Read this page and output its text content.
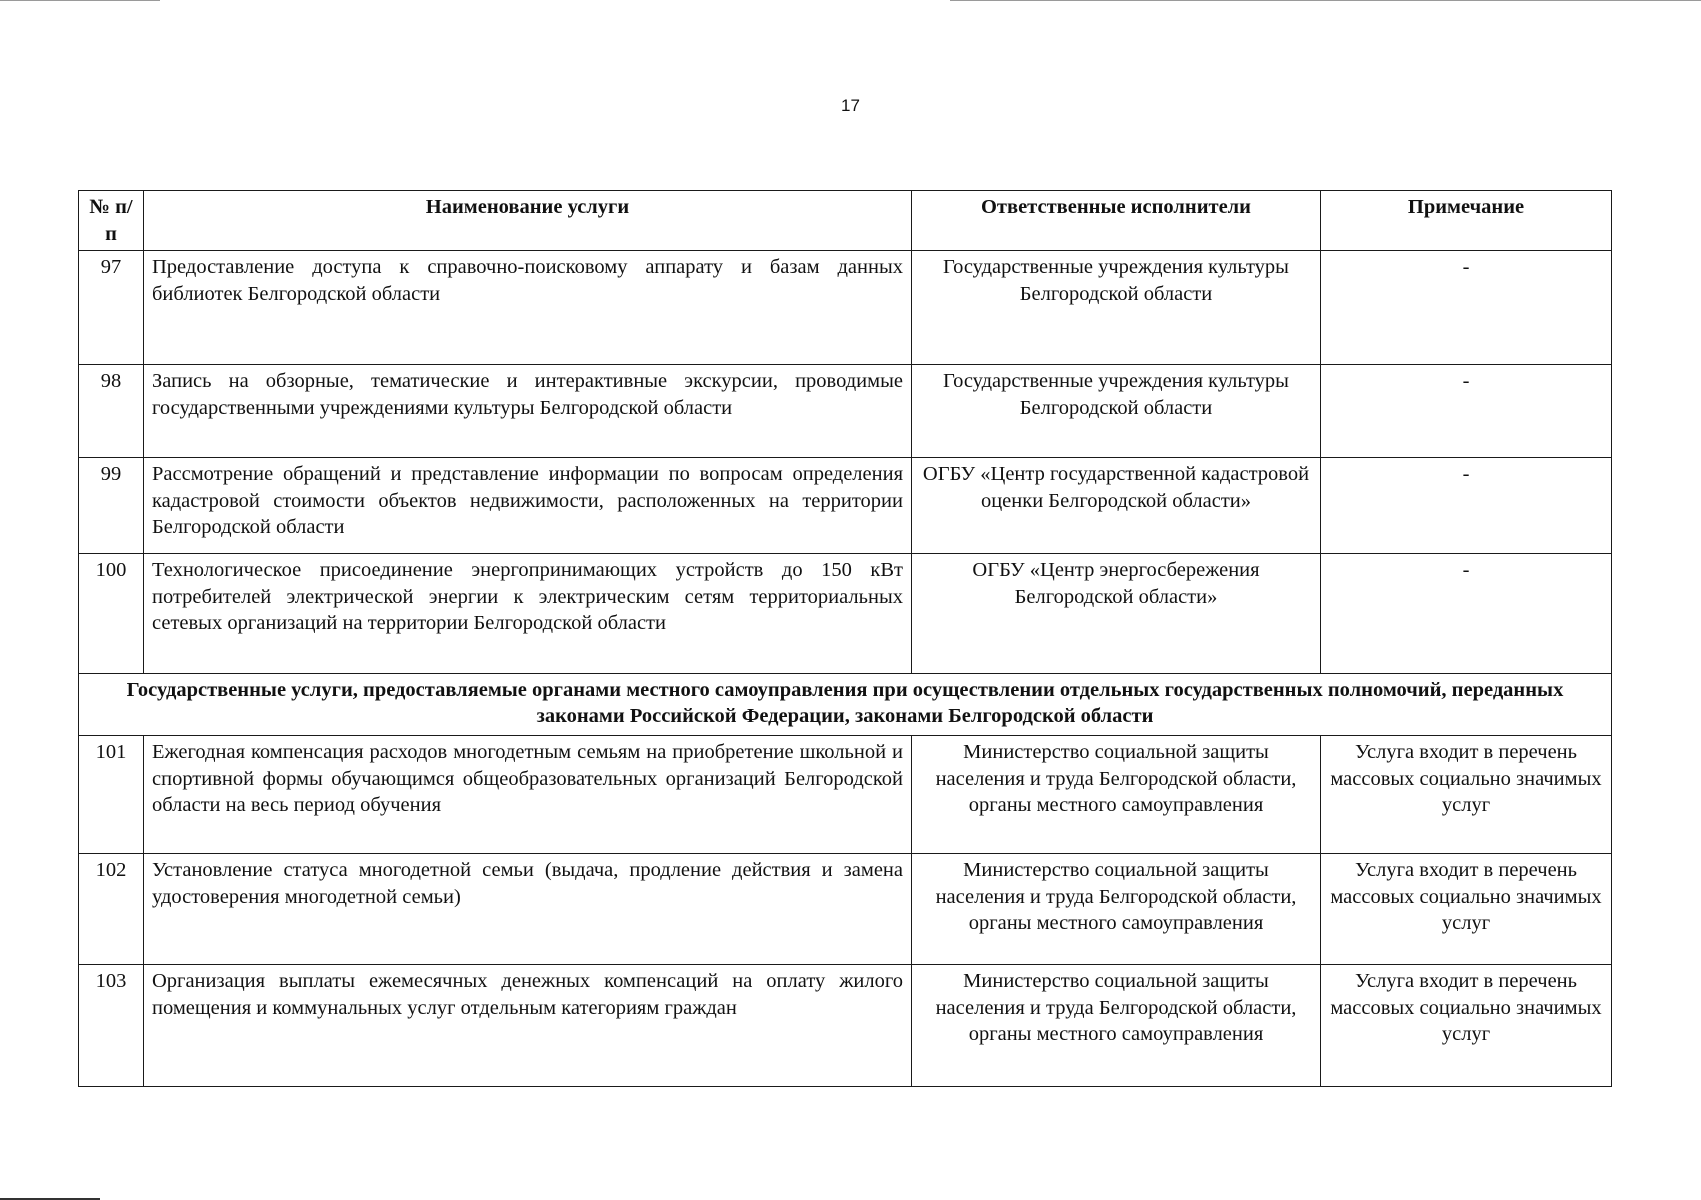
17
№ п/п	Наименование услуги	Ответственные исполнители	Примечание
97	Предоставление доступа к справочно-поисковому аппарату и базам данных библиотек Белгородской области	Государственные учреждения культуры Белгородской области	-
98	Запись на обзорные, тематические и интерактивные экскурсии, проводимые государственными учреждениями культуры Белгородской области	Государственные учреждения культуры Белгородской области	-
99	Рассмотрение обращений и представление информации по вопросам определения кадастровой стоимости объектов недвижимости, расположенных на территории Белгородской области	ОГБУ «Центр государственной кадастровой оценки Белгородской области»	-
100	Технологическое присоединение энергопринимающих устройств до 150 кВт потребителей электрической энергии к электрическим сетям территориальных сетевых организаций на территории Белгородской области	ОГБУ «Центр энергосбережения Белгородской области»	-
Государственные услуги, предоставляемые органами местного самоуправления при осуществлении отдельных государственных полномочий, переданных законами Российской Федерации, законами Белгородской области			
101	Ежегодная компенсация расходов многодетным семьям на приобретение школьной и спортивной формы обучающимся общеобразовательных организаций Белгородской области на весь период обучения	Министерство социальной защиты населения и труда Белгородской области, органы местного самоуправления	Услуга входит в перечень массовых социально значимых услуг
102	Установление статуса многодетной семьи (выдача, продление действия и замена удостоверения многодетной семьи)	Министерство социальной защиты населения и труда Белгородской области, органы местного самоуправления	Услуга входит в перечень массовых социально значимых услуг
103	Организация выплаты ежемесячных денежных компенсаций на оплату жилого помещения и коммунальных услуг отдельным категориям граждан	Министерство социальной защиты населения и труда Белгородской области, органы местного самоуправления	Услуга входит в перечень массовых социально значимых услуг
